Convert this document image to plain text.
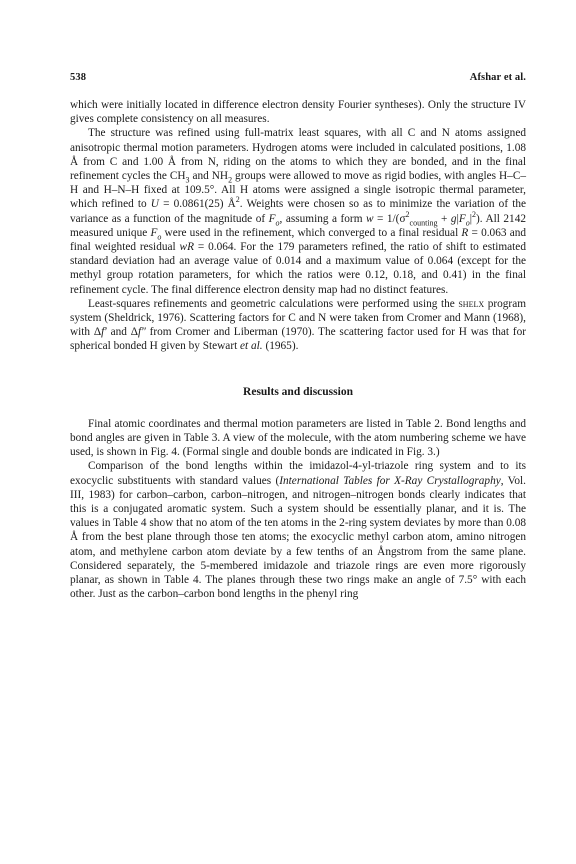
538	Afshar et al.

which were initially located in difference electron density Fourier syntheses). Only the structure IV gives complete consistency on all measures.

The structure was refined using full-matrix least squares, with all C and N atoms assigned anisotropic thermal motion parameters. Hydrogen atoms were included in calculated positions, 1.08 Å from C and 1.00 Å from N, riding on the atoms to which they are bonded, and in the final refinement cycles the $CH_3$ and $NH_2$ groups were allowed to move as rigid bodies, with angles H–C–H and H–N–H fixed at 109.5°. All H atoms were assigned a single isotropic thermal parameter, which refined to U = 0.0861(25) $Å^2$. Weights were chosen so as to minimize the variation of the variance as a function of the magnitude of $F_o$, assuming a form $w = 1/(\sigma^2_{counting} + g|F_o|^2)$. All 2142 measured unique $F_o$ were used in the refinement, which converged to a final residual R = 0.063 and final weighted residual wR = 0.064. For the 179 parameters refined, the ratio of shift to estimated standard deviation had an average value of 0.014 and a maximum value of 0.064 (except for the methyl group rotation parameters, for which the ratios were 0.12, 0.18, and 0.41) in the final refinement cycle. The final difference electron density map had no distinct features.

Least-squares refinements and geometric calculations were performed using the shelx program system (Sheldrick, 1976). Scattering factors for C and N were taken from Cromer and Mann (1968), with Δf′ and Δf″ from Cromer and Liberman (1970). The scattering factor used for H was that for spherical bonded H given by Stewart et al. (1965).

Results and discussion

Final atomic coordinates and thermal motion parameters are listed in Table 2. Bond lengths and bond angles are given in Table 3. A view of the molecule, with the atom numbering scheme we have used, is shown in Fig. 4. (Formal single and double bonds are indicated in Fig. 3.)

Comparison of the bond lengths within the imidazol-4-yl-triazole ring system and to its exocyclic substituents with standard values (International Tables for X-Ray Crystallography, Vol. III, 1983) for carbon–carbon, carbon–nitrogen, and nitrogen–nitrogen bonds clearly indicates that this is a conjugated aromatic system. Such a system should be essentially planar, and it is. The values in Table 4 show that no atom of the ten atoms in the 2-ring system deviates by more than 0.08 Å from the best plane through those ten atoms; the exocyclic methyl carbon atom, amino nitrogen atom, and methylene carbon atom deviate by a few tenths of an Ångstrom from the same plane. Considered separately, the 5-membered imidazole and triazole rings are even more rigorously planar, as shown in Table 4. The planes through these two rings make an angle of 7.5° with each other. Just as the carbon–carbon bond lengths in the phenyl ring
